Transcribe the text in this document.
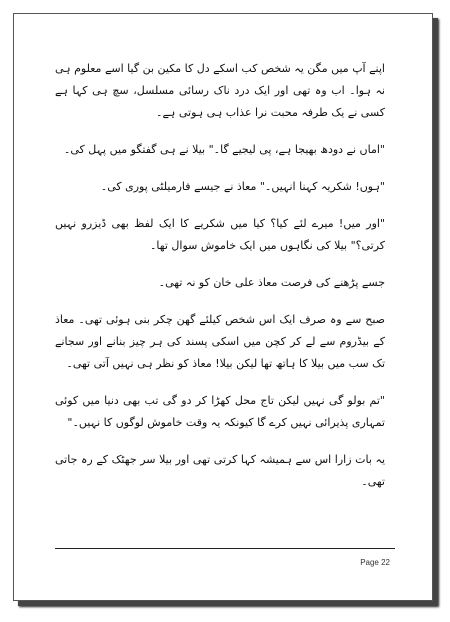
اپنے آپ میں مگن یہ شخص کب اسکے دل کا مکین بن گیا اسے معلوم ہی نہ ہوا۔ اب وہ تھی اور ایک درد ناک رسائی مسلسل، سچ ہی کہا ہے کسی نے یک طرفہ محبت نرا عذاب ہی ہوتی ہے۔

"اماں نے دودھ بھیجا ہے، پی لیجیے گا۔" بیلا نے ہی گفتگو میں پہل کی۔

"ہوں! شکریہ کہنا انہیں۔" معاذ نے جیسے فارمیلٹی پوری کی۔

"اور میں! میرے لئے کیا؟ کیا میں شکریے کا ایک لفظ بھی ڈیزرو نہیں کرتی؟" بیلا کی نگاہوں میں ایک خاموش سوال تھا۔

جسے پڑھنے کی فرصت معاذ علی خان کو نہ تھی۔

صبح سے وہ صرف ایک اس شخص کیلئے گھن چکر بنی ہوئی تھی۔ معاذ کے بیڈروم سے لے کر کچن میں اسکی پسند کی ہر چیز بنانے اور سجانے تک سب میں بیلا کا ہاتھ تھا لیکن بیلا! معاذ کو نظر ہی نہیں آتی تھی۔

"تم بولو گی نہیں لیکن تاج محل کھڑا کر دو گی تب بھی دنیا میں کوئی تمہاری پذیرائی نہیں کرے گا کیونکہ یہ وقت خاموش لوگوں کا نہیں۔"

یہ بات زارا اس سے ہمیشہ کہا کرتی تھی اور بیلا سر جھٹک کے رہ جاتی تھی۔

Page 22
